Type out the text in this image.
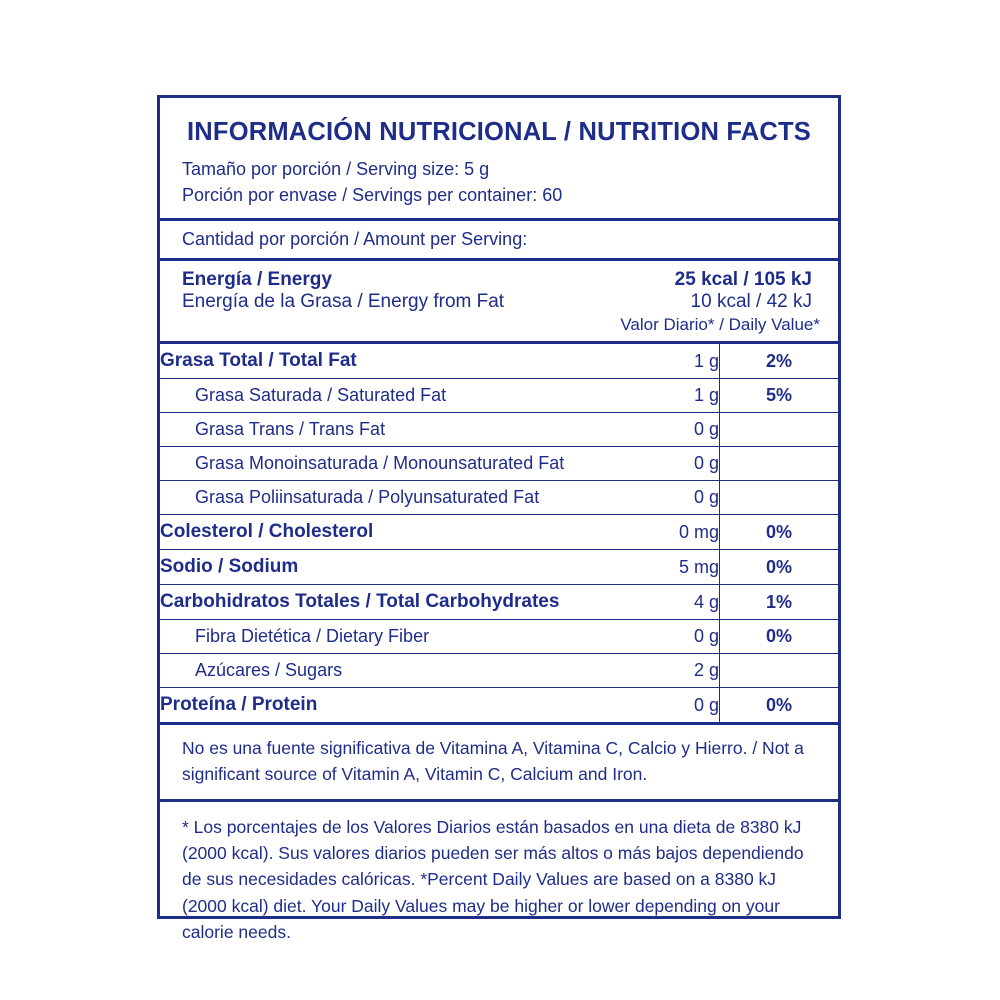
INFORMACIÓN NUTRICIONAL / NUTRITION FACTS
Tamaño por porción / Serving size: 5 g
Porción por envase / Servings per container: 60
Cantidad por porción / Amount per Serving:
Energía / Energy	25 kcal / 105 kJ
Energía de la Grasa / Energy from Fat	10 kcal / 42 kJ
Valor Diario* / Daily Value*
Grasa Total / Total Fat	1 g	2%
Grasa Saturada / Saturated Fat	1 g	5%
Grasa Trans / Trans Fat	0 g	
Grasa Monoinsaturada / Monounsaturated Fat	0 g	
Grasa Poliinsaturada / Polyunsaturated Fat	0 g	
Colesterol / Cholesterol	0 mg	0%
Sodio / Sodium	5 mg	0%
Carbohidratos Totales / Total Carbohydrates	4 g	1%
Fibra Dietética / Dietary Fiber	0 g	0%
Azúcares / Sugars	2 g	
Proteína / Protein	0 g	0%
No es una fuente significativa de Vitamina A, Vitamina C, Calcio y Hierro. / Not a significant source of Vitamin A, Vitamin C, Calcium and Iron.
* Los porcentajes de los Valores Diarios están basados en una dieta de 8380 kJ (2000 kcal). Sus valores diarios pueden ser más altos o más bajos dependiendo de sus necesidades calóricas. *Percent Daily Values are based on a 8380 kJ (2000 kcal) diet. Your Daily Values may be higher or lower depending on your calorie needs.
